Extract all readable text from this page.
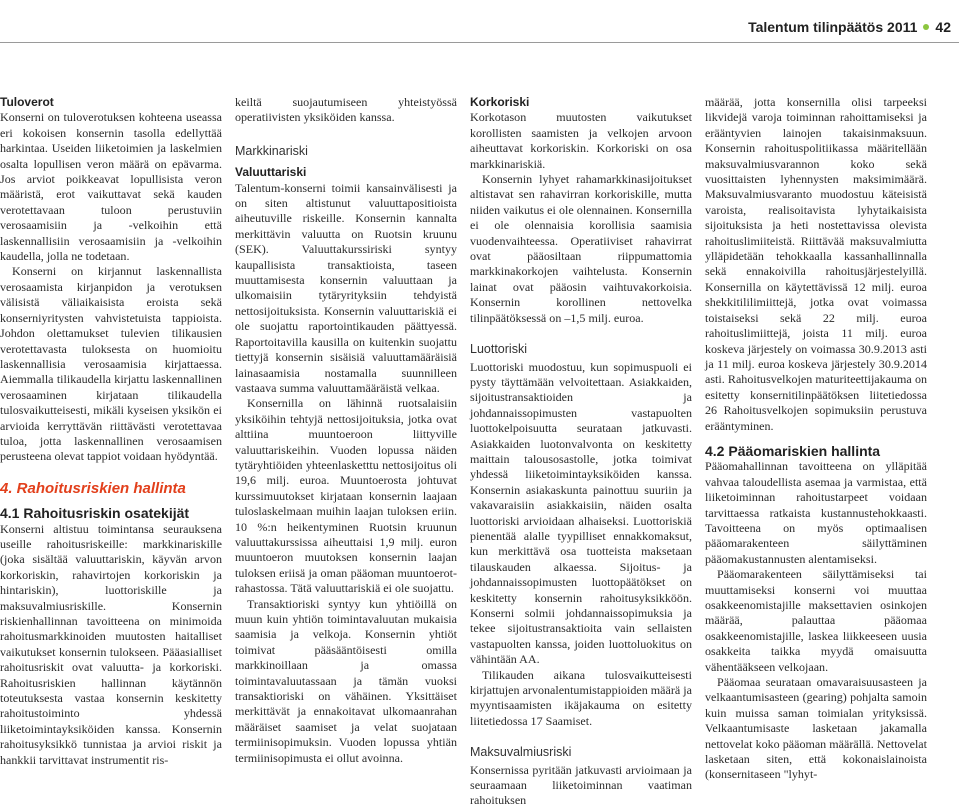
Talentum tilinpäätös 2011 42

Tuloverot

Konserni on tuloverotuksen kohteena useassa eri kokoisen konsernin tasolla edellyttää harkintaa. Useiden liiketoimien ja laskelmien osalta lopullisen veron määrä on epävarma. Jos arviot poikkeavat lopullisista veron määristä, erot vaikuttavat sekä kauden verotettavaan tuloon perustuviin verosaamisiin ja -velkoihin että laskennallisiin verosaamisiin ja -velkoihin kaudella, jolla ne todetaan.

Konserni on kirjannut laskennallista verosaamista kirjanpidon ja verotuksen välisistä väliaikaisista eroista sekä konserniyritysten vahvistetuista tappioista. Johdon olettamukset tulevien tilikausien verotettavasta tuloksesta on huomioitu laskennallisia verosaamisia kirjattaessa. Aiemmalla tilikaudella kirjattu laskennallinen verosaaminen kirjataan tilikaudella tulosvaikutteisesti, mikäli kyseisen yksikön ei arvioida kerryttävän riittävästi verotettavaa tuloa, jotta laskennallinen verosaamisen perusteena olevat tappiot voidaan hyödyntää.

4. Rahoitusriskien hallinta

4.1 Rahoitusriskin osatekijät

Konserni altistuu toimintansa seurauksena useille rahoitusriskeille: markkinariskille (joka sisältää valuuttariskin, käyvän arvon korkoriskin, rahavirtojen korkoriskin ja hintariskin), luottoriskille ja maksuvalmiusriskille. Konsernin riskienhallinnan tavoitteena on minimoida rahoitusmarkkinoiden muutosten haitalliset vaikutukset konsernin tulokseen. Pääasialliset rahoitusriskit ovat valuutta- ja korkoriski. Rahoitusriskien hallinnan käytännön toteutuksesta vastaa konsernin keskitetty rahoitustoiminto yhdessä liiketoimintayksiköiden kanssa. Konsernin rahoitusyksikkö tunnistaa ja arvioi riskit ja hankkii tarvittavat instrumentit ris-

keiltä suojautumiseen yhteistyössä operatiivisten yksiköiden kanssa.

Markkinariski

Valuuttariski

Talentum-konserni toimii kansainvälisesti ja on siten altistunut valuuttapositioista aiheutuville riskeille. Konsernin kannalta merkittävin valuutta on Ruotsin kruunu (SEK). Valuuttakurssiriski syntyy kaupallisista transaktioista, taseen muuttamisesta konsernin valuuttaan ja ulkomaisiin tytäryrityksiin tehdyistä nettosijoituksista. Konsernin valuuttariskiä ei ole suojattu raportointikauden päättyessä. Raportoitavilla kausilla on kuitenkin suojattu tiettyjä konsernin sisäisiä valuuttamääräisiä lainasaamisia nostamalla suunnilleen vastaava summa valuuttamääräistä velkaa.

Konsernilla on lähinnä ruotsalaisiin yksiköihin tehtyjä nettosijoituksia, jotka ovat alttiina muuntoeroon liittyville valuuttariskeihin. Vuoden lopussa näiden tytäryhtiöiden yhteenlasketttu nettosijoitus oli 19,6 milj. euroa. Muuntoerosta johtuvat kurssimuutokset kirjataan konsernin laajaan tuloslaskelmaan muihin laajan tuloksen eriin. 10 %:n heikentyminen Ruotsin kruunun valuuttakurssissa aiheuttaisi 1,9 milj. euron muuntoeron muutoksen konsernin laajan tuloksen eriisä ja oman pääoman muuntoerot-rahastossa. Tätä valuuttariskiä ei ole suojattu.

Transaktioriski syntyy kun yhtiöillä on muun kuin yhtiön toimintavaluutan mukaisia saamisia ja velkoja. Konsernin yhtiöt toimivat pääsääntöisesti omilla markkinoillaan ja omassa toimintavaluutassaan ja tämän vuoksi transaktioriski on vähäinen. Yksittäiset merkittävät ja ennakoitavat ulkomaanrahan määräiset saamiset ja velat suojataan termiinisopimuksin. Vuoden lopussa yhtiän termiinisopimusta ei ollut avoinna.

Korkoriski

Korkotason muutosten vaikutukset korollisten saamisten ja velkojen arvoon aiheuttavat korkoriskin. Korkoriski on osa markkinariskiä.

Konsernin lyhyet rahamarkkinasijoitukset altistavat sen rahavirran korkoriskille, mutta niiden vaikutus ei ole olennainen. Konsernilla ei ole olennaisia korollisia saamisia vuodenvaihteessa. Operatiiviset rahavirrat ovat pääosiltaan riippumattomia markkinakorkojen vaihtelusta. Konsernin lainat ovat pääosin vaihtuvakorkoisia. Konsernin korollinen nettovelka tilinpäätöksessä on –1,5 milj. euroa.

Luottoriski

Luottoriski muodostuu, kun sopimuspuoli ei pysty täyttämään velvoitettaan. Asiakkaiden, sijoitustransaktioiden ja johdannaissopimusten vastapuolten luottokelpoisuutta seurataan jatkuvasti. Asiakkaiden luotonvalvonta on keskitetty maittain talousosastolle, jotka toimivat yhdessä liiketoimintayksiköiden kanssa. Konsernin asiakaskunta painottuu suuriin ja vakavaraisiin asiakkaisiin, näiden osalta luottoriski arvioidaan alhaiseksi. Luottoriskiä pienentää alalle tyypilliset ennakkomaksut, kun merkittävä osa tuotteista maksetaan tilauskauden alkaessa. Sijoitus- ja johdannaissopimusten luottopäätökset on keskitetty konsernin rahoitusyksikköön. Konserni solmii johdannaissopimuksia ja tekee sijoitustransaktioita vain sellaisten vastapuolten kanssa, joiden luottoluokitus on vähintään AA.

Tilikauden aikana tulosvaikutteisesti kirjattujen arvonalentumistappioiden määrä ja myyntisaamisten ikäjakauma on esitetty liitetiedossa 17 Saamiset.

Maksuvalmiusriski

Konsernissa pyritään jatkuvasti arvioimaan ja seuraamaan liiketoiminnan vaatiman rahoituksen

määrää, jotta konsernilla olisi tarpeeksi likvidejä varoja toiminnan rahoittamiseksi ja erääntyvien lainojen takaisinmaksuun. Konsernin rahoituspolitiikassa määritellään maksuvalmiusvarannon koko sekä vuosittaisten lyhennysten maksimimäärä. Maksuvalmiusvaranto muodostuu käteisistä varoista, realisoitavista lyhytaikaisista sijoituksista ja heti nostettavissa olevista rahoituslimiiteistä. Riittävää maksuvalmiutta ylläpidetään tehokkaalla kassanhallinnalla sekä ennakoivilla rahoitusjärjestelyillä. Konsernilla on käytettävissä 12 milj. euroa shekkitililimiittejä, jotka ovat voimassa toistaiseksi sekä 22 milj. euroa rahoituslimiittejä, joista 11 milj. euroa koskeva järjestely on voimassa 30.9.2013 asti ja 11 milj. euroa koskeva järjestely 30.9.2014 asti. Rahoitusvelkojen maturiteettijakauma on esitetty konsernitilinpäätöksen liitetiedossa 26 Rahoitusvelkojen sopimuksiin perustuva erääntyminen.

4.2 Pääomariskien hallinta

Pääomahallinnan tavoitteena on ylläpitää vahvaa taloudellista asemaa ja varmistaa, että liiketoiminnan rahoitustarpeet voidaan tarvittaessa ratkaista kustannustehokkaasti. Tavoitteena on myös optimaalisen pääomarakenteen säilyttäminen pääomakustannusten alentamiseksi.

Pääomarakenteen säilyttämiseksi tai muuttamiseksi konserni voi muuttaa osakkeenomistajille maksettavien osinkojen määrää, palauttaa pääomaa osakkeenomistajille, laskea liikkeeseen uusia osakkeita taikka myydä omaisuutta vähentääkseen velkojaan.

Pääomaa seurataan omavaraisuusasteen ja velkaantumisasteen (gearing) pohjalta samoin kuin muissa saman toimialan yrityksissä. Velkaantumisaste lasketaan jakamalla nettovelat koko pääoman määrällä. Nettovelat lasketaan siten, että kokonaislainoista (konsernitaseen "lyhyt-
